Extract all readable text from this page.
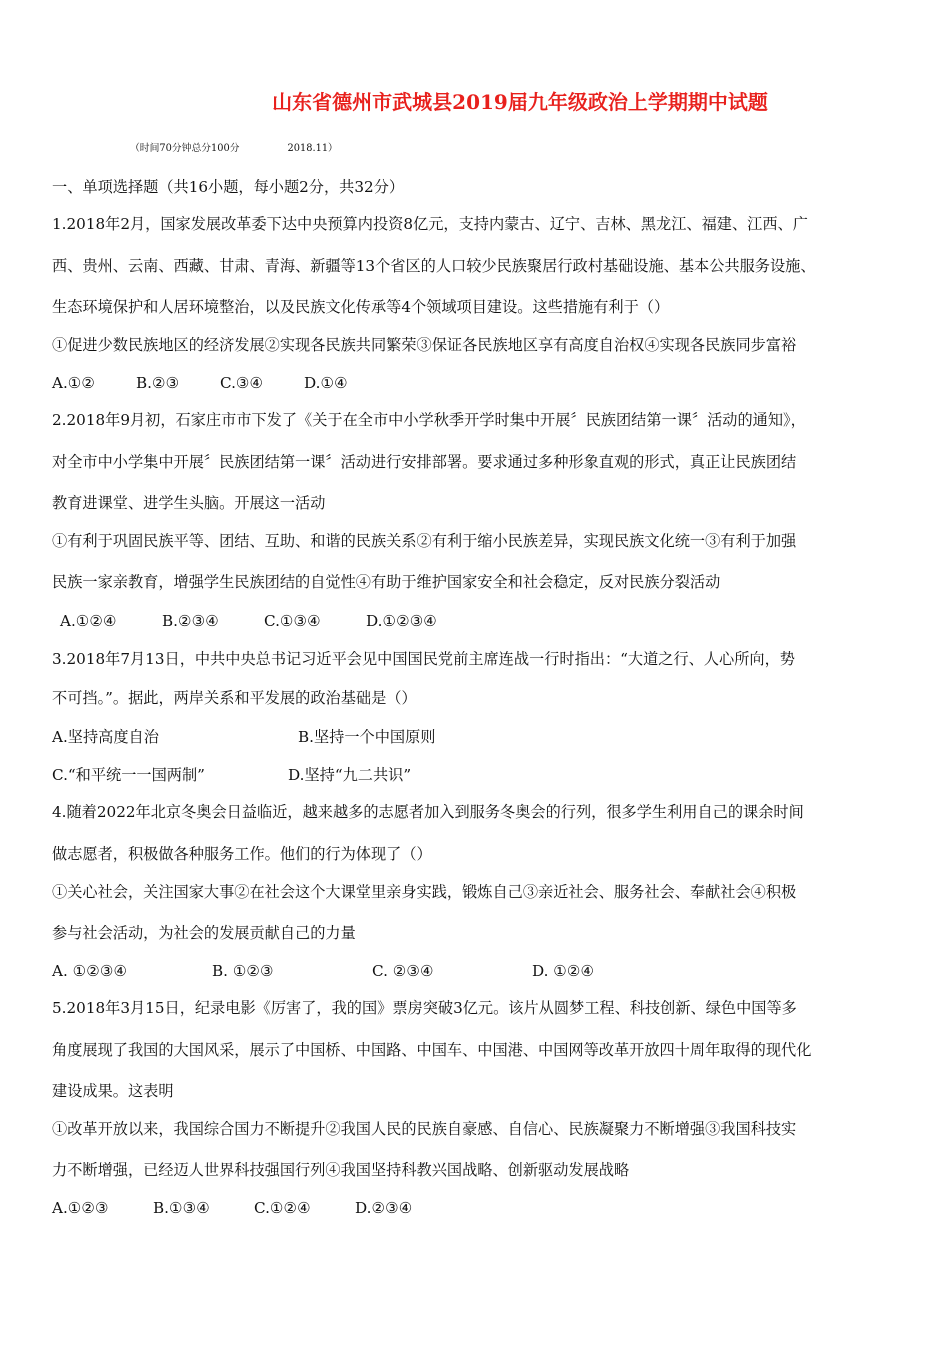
山东省德州市武城县2019届九年级政治上学期期中试题
（时间70分钟总分100分	2018.11）
一、单项选择题（共16小题，每小题2分，共32分）
1.2018年2月，国家发展改革委下达中央预算内投资8亿元，支持内蒙古、辽宁、吉林、黑龙江、福建、江西、广
西、贵州、云南、西藏、甘肃、青海、新疆等13个省区的人口较少民族聚居行政村基础设施、基本公共服务设施、
生态环境保护和人居环境整治，以及民族文化传承等4个领域项目建设。这些措施有利于（）
①促进少数民族地区的经济发展②实现各民族共同繁荣③保证各民族地区享有高度自治权④实现各民族同步富裕
A.①②	B.②③	C.③④	D.①④
2.2018年9月初，石家庄市市下发了《关于在全市中小学秋季开学时集中开展〞民族团结第一课〞活动的通知》，
对全市中小学集中开展〞民族团结第一课〞活动进行安排部署。要求通过多种形象直观的形式，真正让民族团结
教育进课堂、进学生头脑。开展这一活动
①有利于巩固民族平等、团结、互助、和谐的民族关系②有利于缩小民族差异，实现民族文化统一③有利于加强
民族一家亲教育，增强学生民族团结的自觉性④有助于维护国家安全和社会稳定，反对民族分裂活动
A.①②④	B.②③④	C.①③④	D.①②③④
3.2018年7月13日，中共中央总书记习近平会见中国国民党前主席连战一行时指出：“大道之行、人心所向，势
不可挡。”。据此，两岸关系和平发展的政治基础是（）
A.坚持高度自治	B.坚持一个中国原则
C.“和平统一一国两制”	D.坚持“九二共识”
4.随着2022年北京冬奥会日益临近，越来越多的志愿者加入到服务冬奥会的行列，很多学生利用自己的课余时间
做志愿者，积极做各种服务工作。他们的行为体现了（）
①关心社会，关注国家大事②在社会这个大课堂里亲身实践，锻炼自己③亲近社会、服务社会、奉献社会④积极
参与社会活动，为社会的发展贡献自己的力量
A. ①②③④	B. ①②③	C. ②③④	D. ①②④
5.2018年3月15日，纪录电影《厉害了，我的国》票房突破3亿元。该片从圆梦工程、科技创新、绿色中国等多
角度展现了我国的大国风采，展示了中国桥、中国路、中国车、中国港、中国网等改革开放四十周年取得的现代化
建设成果。这表明
①改革开放以来，我国综合国力不断提升②我国人民的民族自豪感、自信心、民族凝聚力不断增强③我国科技实
力不断增强，已经迈人世界科技强国行列④我国坚持科教兴国战略、创新驱动发展战略
A.①②③	B.①③④	C.①②④	D.②③④
